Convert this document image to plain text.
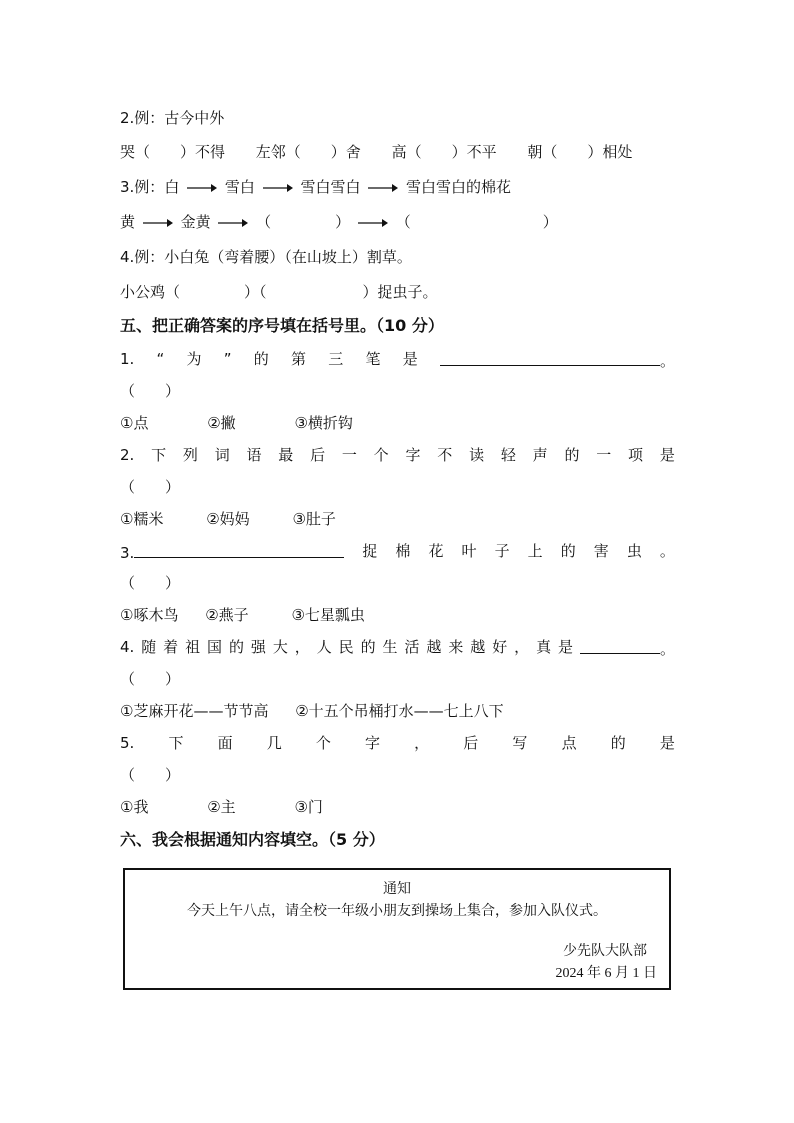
2.例：古今中外
哭（　　）不得 左邻（　　）舍 高（　　）不平 朝（　　）相处
3.例：白	雪白	雪白雪白	雪白雪白的棉花
黄	金黄	（	）	（	）
4.例：小白兔（弯着腰）（在山坡上）割草。
小公鸡（	）（	）捉虫子。
五、把正确答案的序号填在括号里。（10 分）
1. “ 为 ” 的 第 三 笔 是	。
（　　）
①点	②撇	③横折钩
2. 下 列 词 语 最 后 一 个 字 不 读 轻 声 的 一 项 是
（　　）
①糯米	②妈妈	③肚子
3.	捉 棉 花 叶 子 上 的 害 虫 。
（　　）
①啄木鸟 ②燕子	③七星瓢虫
4. 随 着 祖 国 的 强 大 ， 人 民 的 生 活 越 来 越 好 ， 真 是	。
（　　）
①芝麻开花——节节高 ②十五个吊桶打水——七上八下
5. 下 面 几 个 字 ， 后 写 点 的 是
（　　）
①我	②主	③门
六、我会根据通知内容填空。（5 分）
通知
今天上午八点，请全校一年级小朋友到操场上集合，参加入队仪式。
少先队大队部
2024 年 6 月 1 日
